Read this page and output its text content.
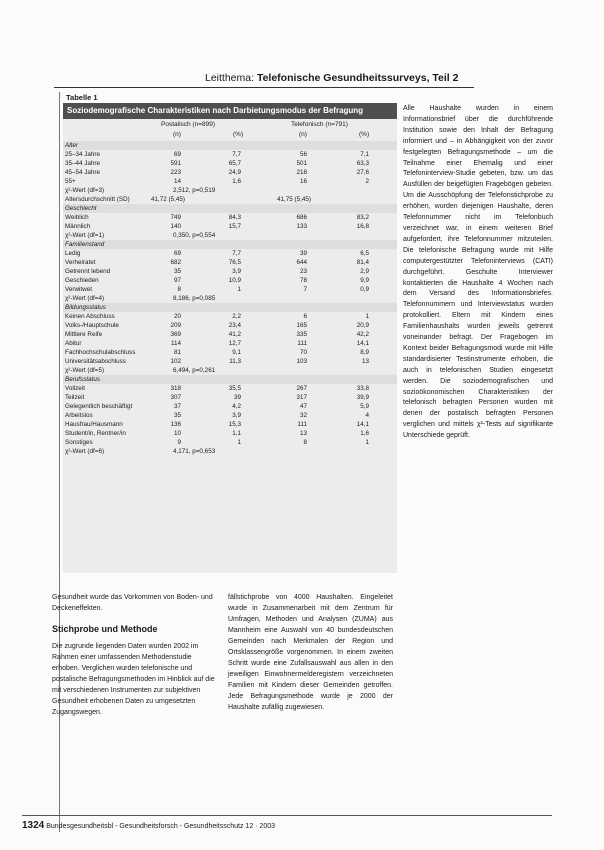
Leitthema: Telefonische Gesundheitssurveys, Teil 2
Tabelle 1
Soziodemografische Charakteristiken nach Darbietungsmodus der Befragung
Postalisch (n=899)	Telefonisch (n=791)
(n)	(%)	(n)	(%)
Alter
25–34 Jahre	69	7,7	56	7,1
35–44 Jahre	591	65,7	501	63,3
45–54 Jahre	223	24,9	218	27,6
55+	14	1,6	16	2
χ²-Wert (df=3)	2,512, p=0,519
Altersdurchschnitt (SD)	41,72 (5,45)	41,75 (5,45)
Geschlecht
Weiblich	749	84,3	686	83,2
Männlich	140	15,7	133	16,8
χ²-Wert (df=1)	0,350, p=0,554
Familienstand
Ledig	69	7,7	39	6,5
Verheiratet	682	76,5	644	81,4
Getrennt lebend	35	3,9	23	2,9
Geschieden	97	10,9	78	9,9
Verwitwet	8	1	7	0,9
χ²-Wert (df=4)	8,186, p=0,085
Bildungsstatus
Keinen Abschluss	20	2,2	6	1
Volks-/Hauptschule	209	23,4	165	20,9
Mittlere Reife	369	41,2	335	42,2
Abitur	114	12,7	111	14,1
Fachhochschulabschluss	81	9,1	70	8,9
Universitätsabschluss	102	11,3	103	13
χ²-Wert (df=5)	6,494, p=0,261
Berufsstatus
Vollzeit	318	35,5	267	33,8
Teilzeit	307	39	317	39,9
Gelegentlich beschäftigt	37	4,2	47	5,9
Arbeitslos	35	3,9	32	4
Hausfrau/Hausmann	136	15,3	111	14,1
Student/in, Rentner/in	10	1,1	13	1,6
Sonstiges	9	1	8	1
χ²-Wert (df=6)	4,171, p=0,653
Alle Haushalte wurden in einem Informationsbrief über die durchführende Institution sowie den Inhalt der Befragung informiert und – in Abhängigkeit von der zuvor festgelegten Befragungsmethode – um die Teilnahme einer Ehemalig und einer Telefoninterview-Studie gebeten, bzw. um das Ausfüllen der beigefügten Fragebögen gebeten. Um die Ausschöpfung der Telefonstichprobe zu erhöhen, wurden diejenigen Haushalte, deren Telefonnummer nicht im Telefonbuch verzeichnet war, in einem weiteren Brief aufgefordert, ihre Telefonnummer mitzuteilen. Die telefonische Befragung wurde mit Hilfe computergestützter Telefoninterviews (CATI) durchgeführt. Geschulte Interviewer kontaktierten die Haushalte 4 Wochen nach dem Versand des Informationsbriefes. Telefonnummern und Interviewstatus wurden protokolliert. Eltern mit Kindern eines Familienhaushalts wurden jeweils getrennt voneinander befragt. Der Fragebogen im Kontext beider Befragungsmodi wurde mit Hilfe standardisierter Testinstrumente erhoben, die auch in telefonischen Studien eingesetzt werden. Die soziodemografischen und sozioökonomischen Charakteristiken der telefonisch befragten Personen wurden mit denen der postalisch befragten Personen verglichen und mittels χ²-Tests auf signifikante Unterschiede geprüft.
Gesundheit wurde das Vorkommen von Boden- und Deckeneffekten.
Stichprobe und Methode
Die zugrunde liegenden Daten wurden 2002 im Rahmen einer umfassenden Methodenstudie erhoben. Verglichen wurden telefonische und postalische Befragungsmethoden im Hinblick auf die mit verschiedenen Instrumenten zur subjektiven Gesundheit erhobenen Daten zu umgesetzten Zugangswegen.
fällstichprobe von 4000 Haushalten. Eingeleitet wurde in Zusammenarbeit mit dem Zentrum für Umfragen, Methoden und Analysen (ZUMA) aus Mannheim eine Auswahl von 40 bundesdeutschen Gemeinden nach Merkmalen der Region und Ortsklassengröße vorgenommen. In einem zweiten Schritt wurde eine Zufallsauswahl aus allen in den jeweiligen Einwohnermelderegistern verzeichneten Familien mit Kindern dieser Gemeinden getroffen. Jede Befragungsmethode wurde je 2000 der Haushalte zufällig zugewiesen.
1324 Bundesgesundheitsbl - Gesundheitsforsch - Gesundheitsschutz 12 · 2003
